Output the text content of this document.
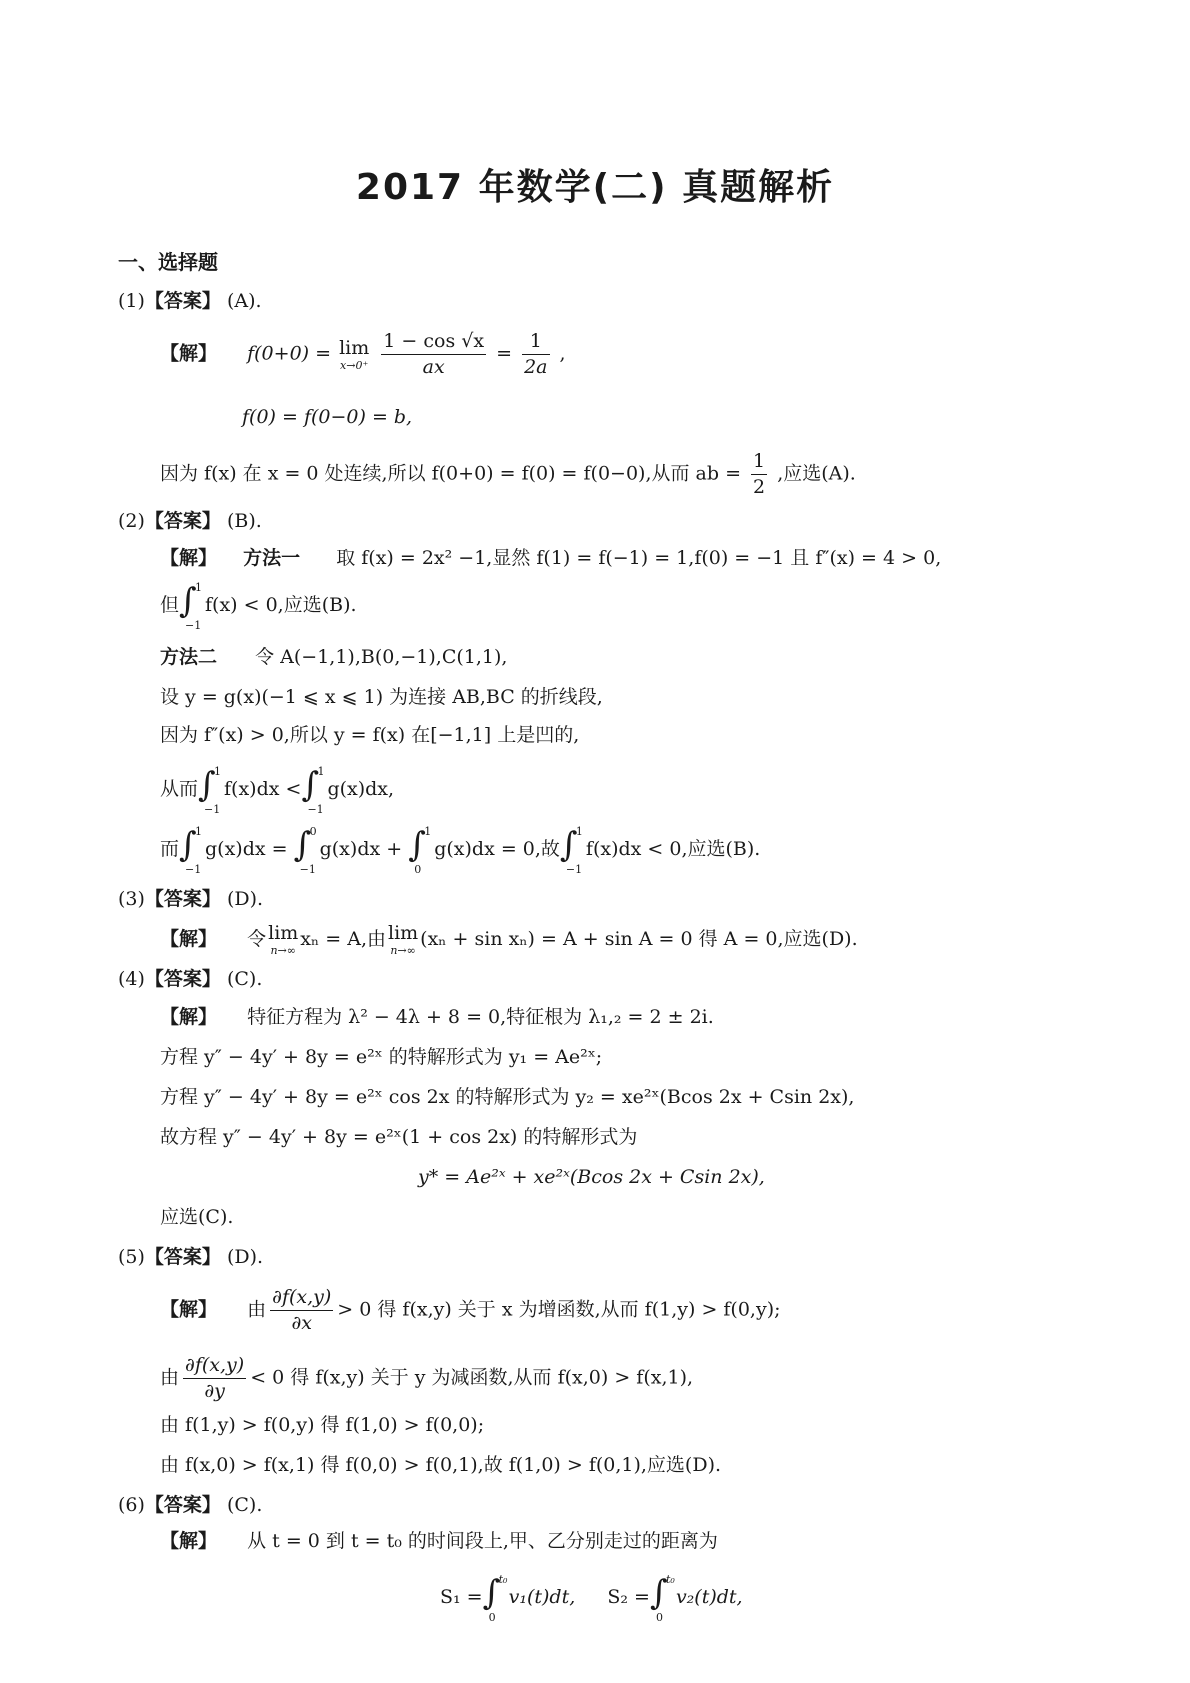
2017 年数学(二) 真题解析
一、选择题
(1)【答案】 (A).
【解】 f(0+0) = lim
x→0⁺
$\frac{1 - \cos √x}{ax} = \frac{1}{2a}$ ,
f(0) = f(0−0) = b,
因为 f(x) 在 x = 0 处连续,所以 f(0+0) = f(0) = f(0−0),从而 ab = $\frac{1}{2}$ ,应选(A).
(2)【答案】 (B).
【解】 方法一 取 f(x) = 2x² −1,显然 f(1) = f(−1) = 1,f(0) = −1 且 f″(x) = 4 > 0,
但 ∫
1
−1
f(x) < 0,应选(B).
方法二 令 A(−1,1),B(0,−1),C(1,1),
设 y = g(x)(−1 ⩽ x ⩽ 1) 为连接 AB,BC 的折线段,
因为 f″(x) > 0,所以 y = f(x) 在[−1,1] 上是凹的,
从而 ∫
1
−1
f(x)dx < ∫
1
−1
g(x)dx,
而 ∫
1
−1
g(x)dx = ∫
0
−1
g(x)dx + ∫
1
0
g(x)dx = 0,故 ∫
1
−1
f(x)dx < 0,应选(B).
(3)【答案】 (D).
【解】 令 lim
n→∞
xₙ = A,由 lim
n→∞
(xₙ + sin xₙ) = A + sin A = 0 得 A = 0,应选(D).
(4)【答案】 (C).
【解】 特征方程为 λ² − 4λ + 8 = 0,特征根为 λ₁,₂ = 2 ± 2i.
方程 y″ − 4y′ + 8y = e²ˣ 的特解形式为 y₁ = Ae²ˣ;
方程 y″ − 4y′ + 8y = e²ˣ cos 2x 的特解形式为 y₂ = xe²ˣ(Bcos 2x + Csin 2x),
故方程 y″ − 4y′ + 8y = e²ˣ(1 + cos 2x) 的特解形式为
y* = Ae²ˣ + xe²ˣ(Bcos 2x + Csin 2x),
应选(C).
(5)【答案】 (D).
【解】 由 $\frac{\partial f(x,y)}{\partial x} > 0$ 得 f(x,y) 关于 x 为增函数,从而 f(1,y) > f(0,y);
由 $\frac{\partial f(x,y)}{\partial y} < 0$ 得 f(x,y) 关于 y 为减函数,从而 f(x,0) > f(x,1),
由 f(1,y) > f(0,y) 得 f(1,0) > f(0,0);
由 f(x,0) > f(x,1) 得 f(0,0) > f(0,1),故 f(1,0) > f(0,1),应选(D).
(6)【答案】 (C).
【解】 从 t = 0 到 t = t₀ 的时间段上,甲、乙分别走过的距离为
S₁ = ∫
t₀
0
v₁(t)dt, S₂ = ∫
t₀
0
v₂(t)dt,
